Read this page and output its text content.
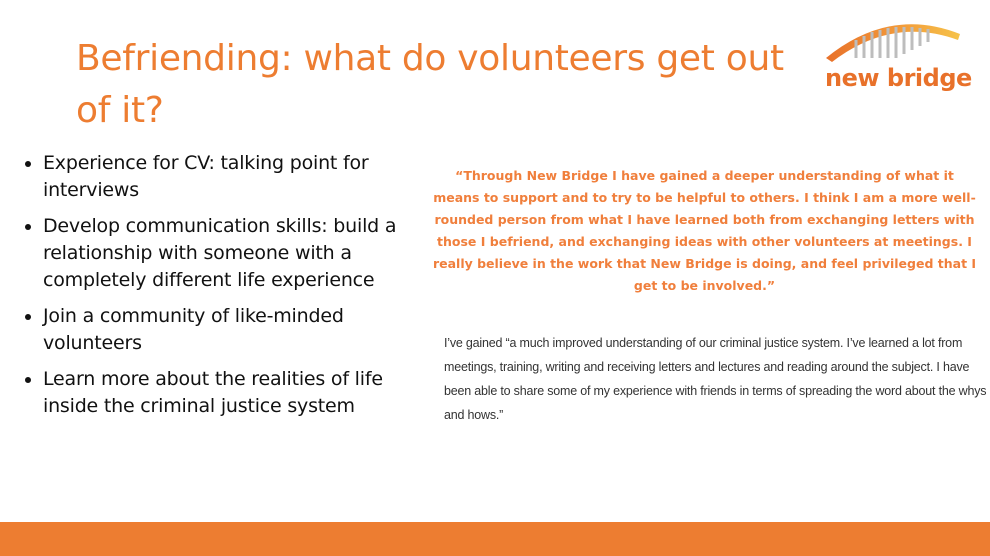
Befriending: what do volunteers get out of it?
new bridge
Experience for CV: talking point for interviews
Develop communication skills: build a relationship with someone with a completely different life experience
Join a community of like-minded volunteers
Learn more about the realities of life inside the criminal justice system

“Through New Bridge I have gained a deeper understanding of what it means to support and to try to be helpful to others. I think I am a more well-rounded person from what I have learned both from exchanging letters with those I befriend, and exchanging ideas with other volunteers at meetings. I really believe in the work that New Bridge is doing, and feel privileged that I get to be involved.”

I’ve gained “a much improved understanding of our criminal justice system. I’ve learned a lot from meetings, training, writing and receiving letters and lectures and reading around the subject. I have been able to share some of my experience with friends in terms of spreading the word about the whys and hows.”
